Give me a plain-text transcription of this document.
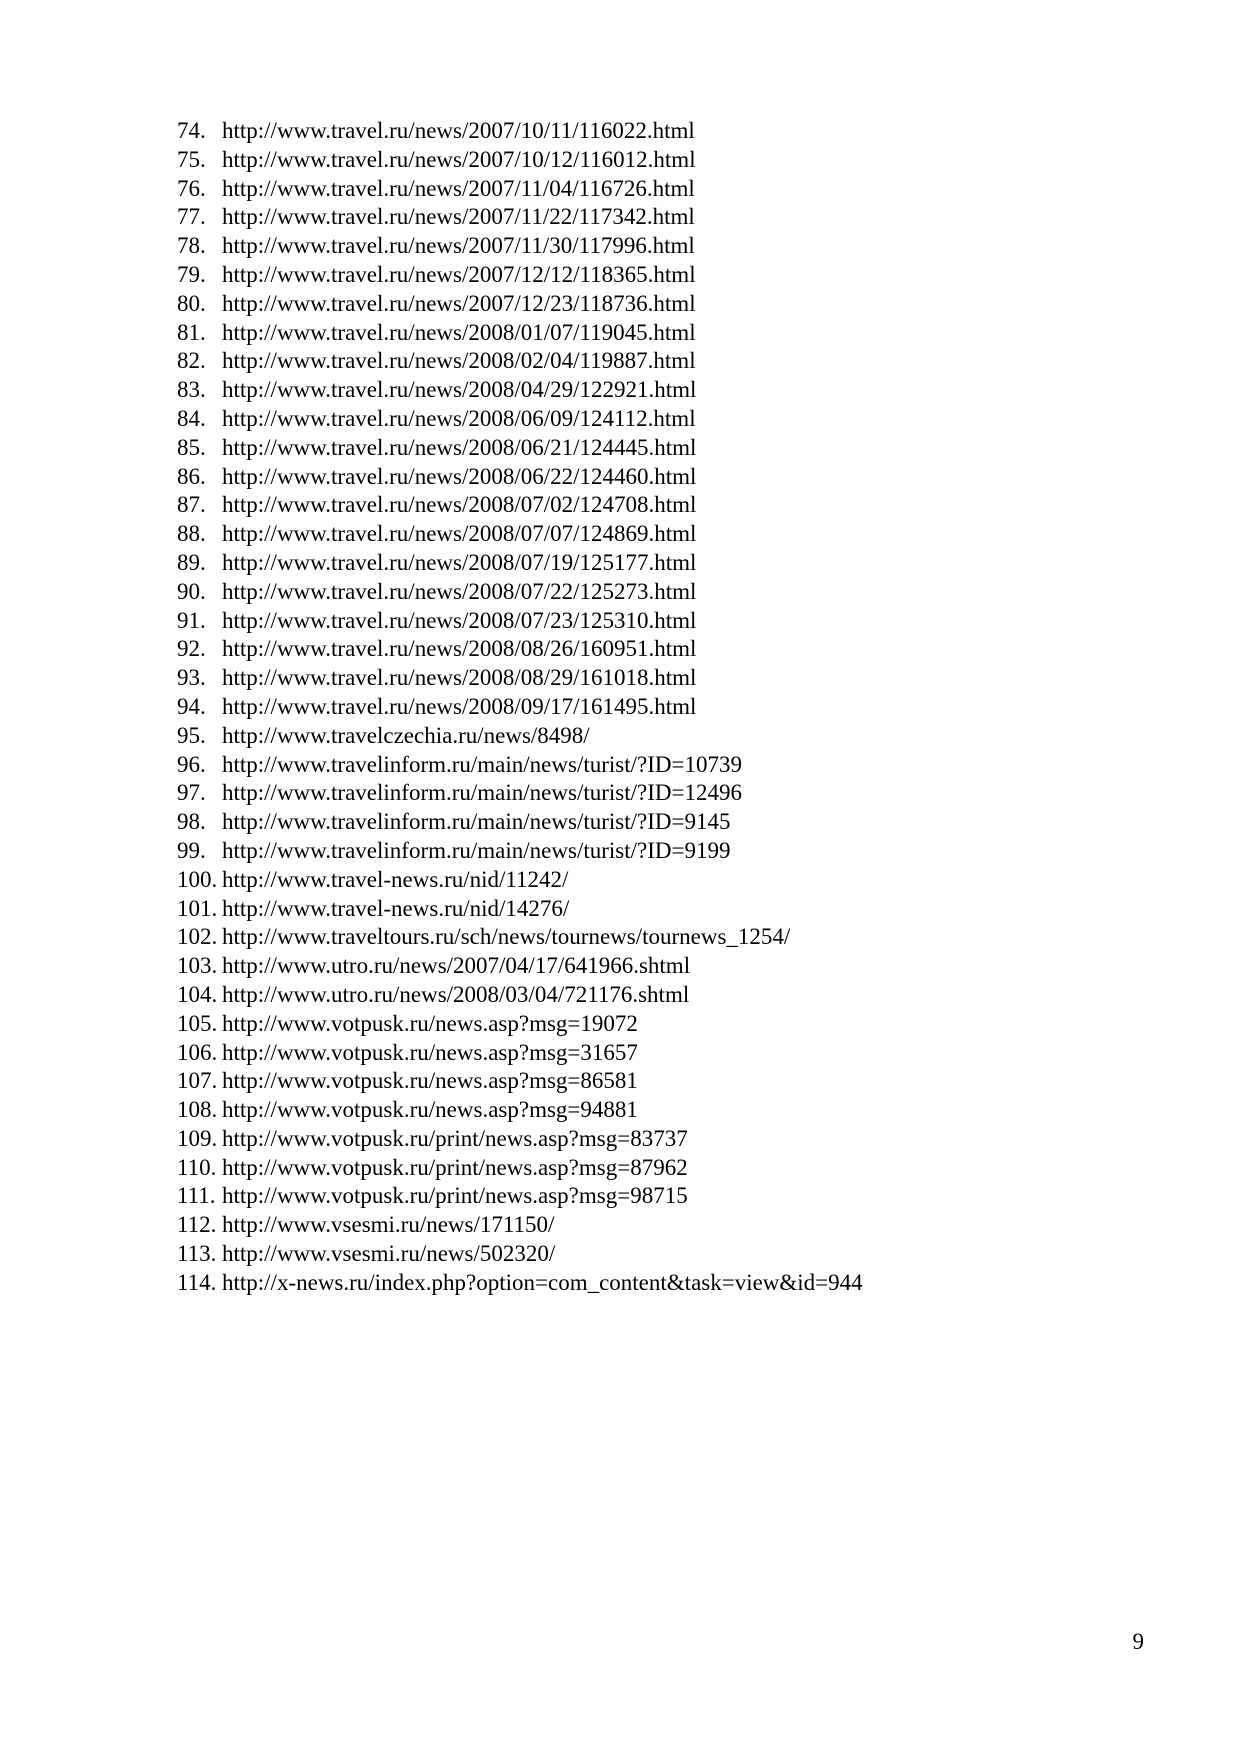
74. http://www.travel.ru/news/2007/10/11/116022.html
75. http://www.travel.ru/news/2007/10/12/116012.html
76. http://www.travel.ru/news/2007/11/04/116726.html
77. http://www.travel.ru/news/2007/11/22/117342.html
78. http://www.travel.ru/news/2007/11/30/117996.html
79. http://www.travel.ru/news/2007/12/12/118365.html
80. http://www.travel.ru/news/2007/12/23/118736.html
81. http://www.travel.ru/news/2008/01/07/119045.html
82. http://www.travel.ru/news/2008/02/04/119887.html
83. http://www.travel.ru/news/2008/04/29/122921.html
84. http://www.travel.ru/news/2008/06/09/124112.html
85. http://www.travel.ru/news/2008/06/21/124445.html
86. http://www.travel.ru/news/2008/06/22/124460.html
87. http://www.travel.ru/news/2008/07/02/124708.html
88. http://www.travel.ru/news/2008/07/07/124869.html
89. http://www.travel.ru/news/2008/07/19/125177.html
90. http://www.travel.ru/news/2008/07/22/125273.html
91. http://www.travel.ru/news/2008/07/23/125310.html
92. http://www.travel.ru/news/2008/08/26/160951.html
93. http://www.travel.ru/news/2008/08/29/161018.html
94. http://www.travel.ru/news/2008/09/17/161495.html
95. http://www.travelczechia.ru/news/8498/
96. http://www.travelinform.ru/main/news/turist/?ID=10739
97. http://www.travelinform.ru/main/news/turist/?ID=12496
98. http://www.travelinform.ru/main/news/turist/?ID=9145
99. http://www.travelinform.ru/main/news/turist/?ID=9199
100. http://www.travel-news.ru/nid/11242/
101. http://www.travel-news.ru/nid/14276/
102. http://www.traveltours.ru/sch/news/tournews/tournews_1254/
103. http://www.utro.ru/news/2007/04/17/641966.shtml
104. http://www.utro.ru/news/2008/03/04/721176.shtml
105. http://www.votpusk.ru/news.asp?msg=19072
106. http://www.votpusk.ru/news.asp?msg=31657
107. http://www.votpusk.ru/news.asp?msg=86581
108. http://www.votpusk.ru/news.asp?msg=94881
109. http://www.votpusk.ru/print/news.asp?msg=83737
110. http://www.votpusk.ru/print/news.asp?msg=87962
111. http://www.votpusk.ru/print/news.asp?msg=98715
112. http://www.vsesmi.ru/news/171150/
113. http://www.vsesmi.ru/news/502320/
114. http://x-news.ru/index.php?option=com_content&task=view&id=944
9
